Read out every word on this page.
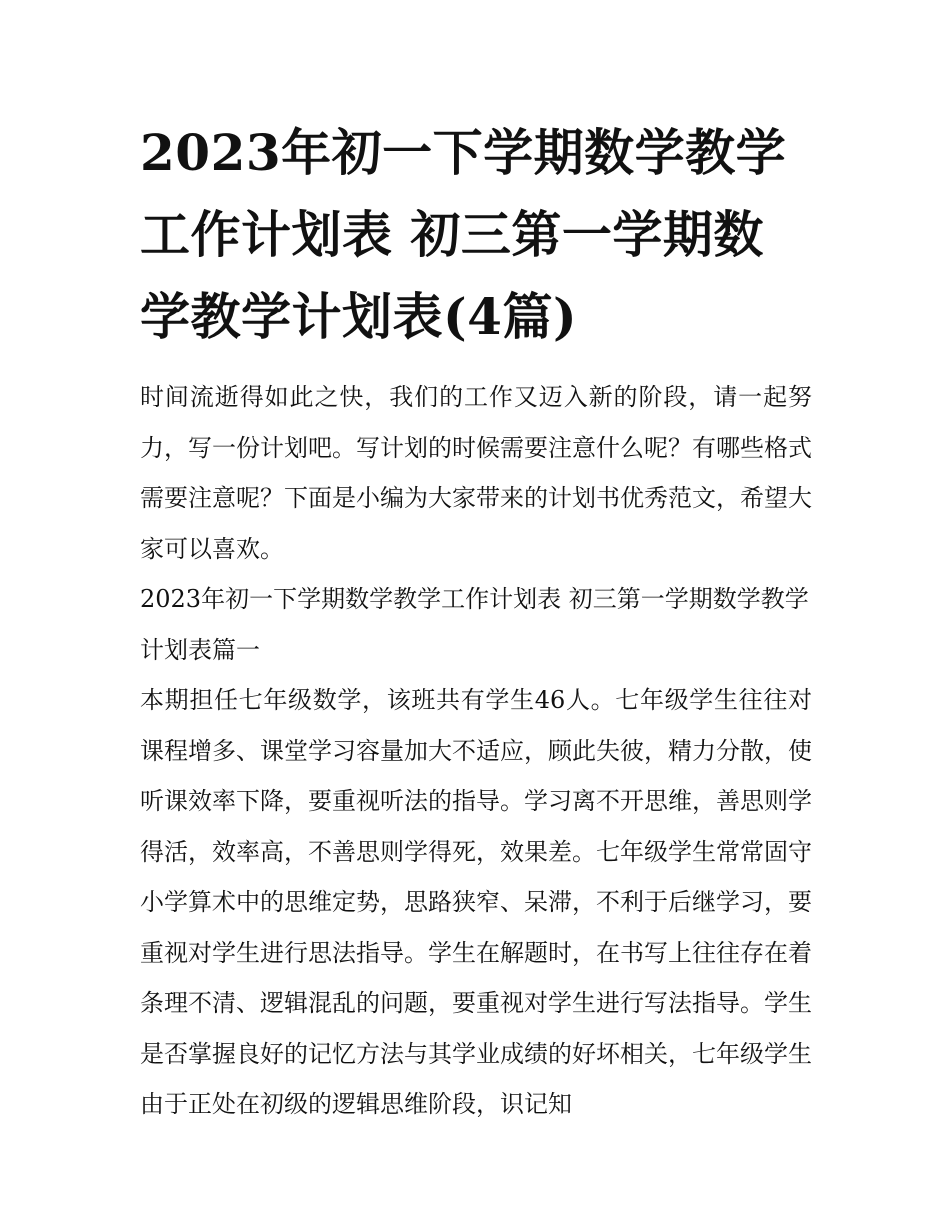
2023年初一下学期数学教学工作计划表 初三第一学期数学教学计划表(4篇)

时间流逝得如此之快，我们的工作又迈入新的阶段，请一起努力，写一份计划吧。写计划的时候需要注意什么呢？有哪些格式需要注意呢？下面是小编为大家带来的计划书优秀范文，希望大家可以喜欢。

2023年初一下学期数学教学工作计划表 初三第一学期数学教学计划表篇一

本期担任七年级数学，该班共有学生46人。七年级学生往往对课程增多、课堂学习容量加大不适应，顾此失彼，精力分散，使听课效率下降，要重视听法的指导。学习离不开思维，善思则学得活，效率高，不善思则学得死，效果差。七年级学生常常固守小学算术中的思维定势，思路狭窄、呆滞，不利于后继学习，要重视对学生进行思法指导。学生在解题时，在书写上往往存在着条理不清、逻辑混乱的问题，要重视对学生进行写法指导。学生是否掌握良好的记忆方法与其学业成绩的好坏相关，七年级学生由于正处在初级的逻辑思维阶段，识记知
